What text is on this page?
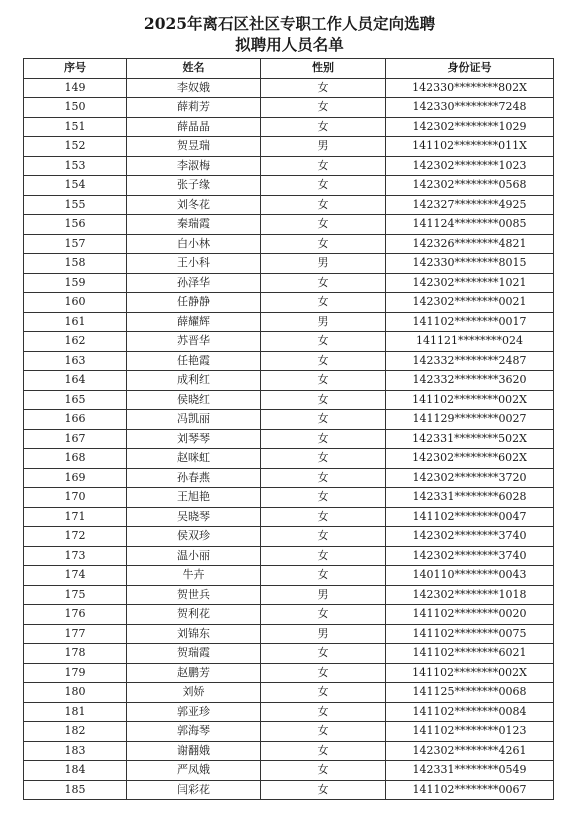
2025年离石区社区专职工作人员定向选聘
拟聘用人员名单
序号	姓名	性别	身份证号
149	李奴娥	女	142330********802X
150	薛莉芳	女	142330********7248
151	薛晶晶	女	142302********1029
152	贺昱瑞	男	141102********011X
153	李淑梅	女	142302********1023
154	张子缘	女	142302********0568
155	刘冬花	女	142327********4925
156	秦瑞霞	女	141124********0085
157	白小林	女	142326********4821
158	王小科	男	142330********8015
159	孙泽华	女	142302********1021
160	任静静	女	142302********0021
161	薛耀辉	男	141102********0017
162	苏晋华	女	141121********024
163	任艳霞	女	142332********2487
164	成利红	女	142332********3620
165	侯晓红	女	141102********002X
166	冯凯丽	女	141129********0027
167	刘琴琴	女	142331********502X
168	赵咪虹	女	142302********602X
169	孙春燕	女	142302********3720
170	王旭艳	女	142331********6028
171	吴晓琴	女	141102********0047
172	侯双珍	女	142302********3740
173	温小丽	女	142302********3740
174	牛卉	女	140110********0043
175	贺世兵	男	142302********1018
176	贺利花	女	141102********0020
177	刘锦东	男	141102********0075
178	贺瑞霞	女	141102********6021
179	赵鹏芳	女	141102********002X
180	刘娇	女	141125********0068
181	郭亚珍	女	141102********0084
182	郭海琴	女	141102********0123
183	谢翻娥	女	142302********4261
184	严凤娥	女	142331********0549
185	闫彩花	女	141102********0067
